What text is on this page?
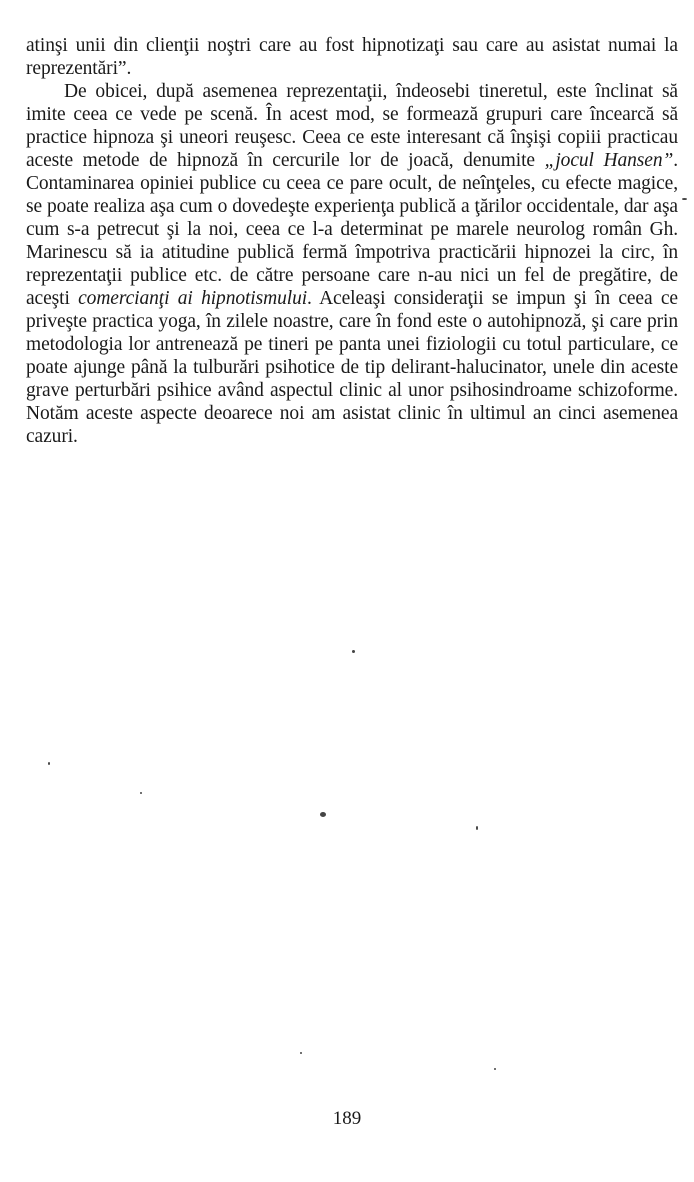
atinşi unii din clienţii noştri care au fost hipnotizaţi sau care au asistat numai la reprezentări”.

De obicei, după asemenea reprezentaţii, îndeosebi tineretul, este înclinat să imite ceea ce vede pe scenă. În acest mod, se formează grupuri care încearcă să practice hipnoza şi uneori reuşesc. Ceea ce este interesant că înşişi copiii practicau aceste metode de hipnoză în cercurile lor de joacă, denumite „jocul Hansen”. Contaminarea opiniei publice cu ceea ce pare ocult, de neînţeles, cu efecte magice, se poate realiza aşa cum o dovedeşte experienţa publică a ţărilor occidentale, dar aşa cum s-a petrecut şi la noi, ceea ce l-a determinat pe marele neurolog român Gh. Marinescu să ia atitudine publică fermă împotriva practicării hipnozei la circ, în reprezentaţii publice etc. de către persoane care n-au nici un fel de pregătire, de aceşti comercianţi ai hipnotismului. Aceleaşi consideraţii se impun şi în ceea ce priveşte practica yoga, în zilele noastre, care în fond este o autohipnoză, şi care prin metodologia lor antrenează pe tineri pe panta unei fiziologii cu totul particulare, ce poate ajunge până la tulburări psihotice de tip delirant-halucinator, unele din aceste grave perturbări psihice având aspectul clinic al unor psihosindroame schizoforme. Notăm aceste aspecte deoarece noi am asistat clinic în ultimul an cinci asemenea cazuri.

189
